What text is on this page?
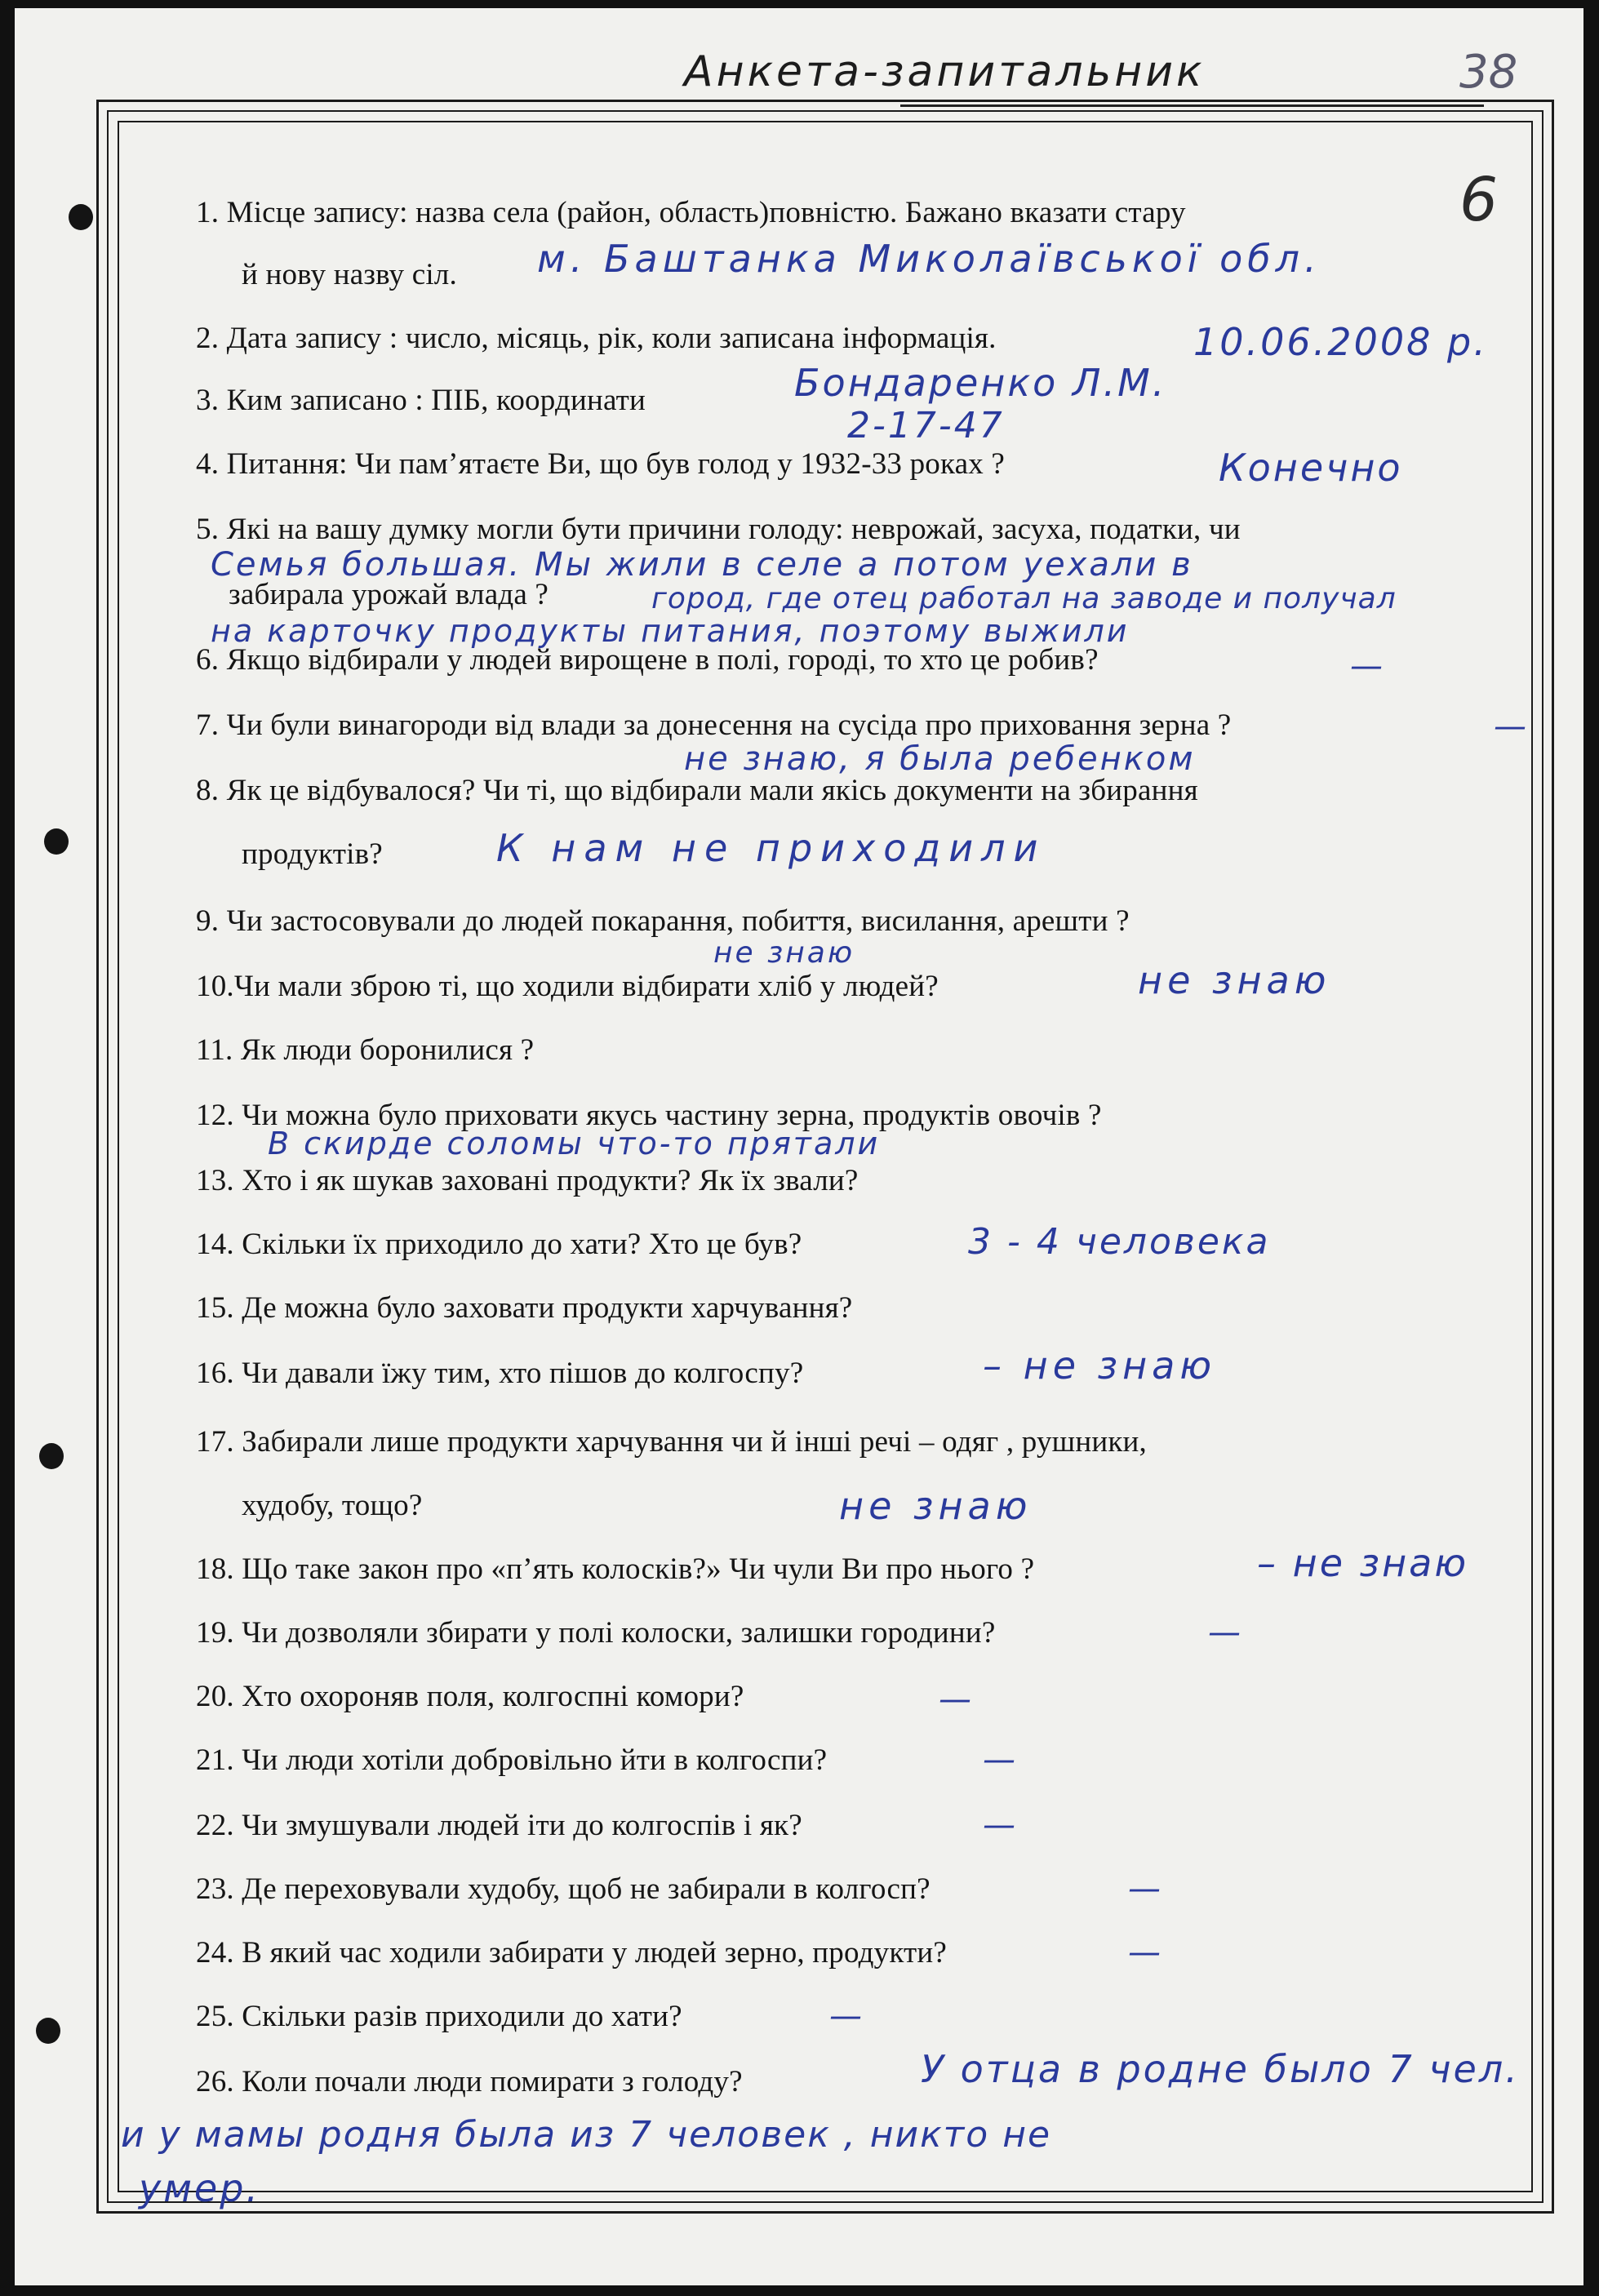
Анкета-запитальник	38
6
1. Місце запису: назва села (район, область)повністю. Бажано вказати стару
й нову назву сіл.
2. Дата запису : число, місяць, рік, коли записана інформація.
3. Ким записано : ПІБ, координати
4. Питання: Чи пам’ятаєте Ви, що був голод у 1932-33 роках ?
5. Які на вашу думку могли бути причини голоду: неврожай, засуха, податки, чи
забирала урожай влада ?
6. Якщо відбирали у людей вирощене в полі, городі, то хто це робив?
7. Чи були винагороди від влади за донесення на сусіда про приховання зерна ?
8. Як це відбувалося? Чи ті, що відбирали мали якісь документи на збирання
продуктів?
9. Чи застосовували до людей покарання, побиття, висилання, арешти ?
10.Чи мали зброю ті, що ходили відбирати хліб у людей?
11. Як люди боронилися ?
12. Чи можна було приховати якусь частину зерна, продуктів овочів ?
13. Хто і як шукав заховані продукти? Як їх звали?
14. Скільки їх приходило до хати? Хто це був?
15. Де можна було заховати продукти харчування?
16. Чи давали їжу тим, хто пішов до колгоспу?
17. Забирали лише продукти харчування чи й інші речі – одяг , рушники,
худобу, тощо?
18. Що таке закон про «п’ять колосків?» Чи чули Ви про нього ?
19. Чи дозволяли збирати у полі колоски, залишки городини?
20. Хто охороняв поля, колгоспні комори?
21. Чи люди хотіли добровільно йти в колгоспи?
22. Чи змушували людей іти до колгоспів і як?
23. Де переховували худобу, щоб не забирали в колгосп?
24. В який час ходили забирати у людей зерно, продукти?
25. Скільки разів приходили до хати?
26. Коли почали люди помирати з голоду?
м. Баштанка Миколаївської обл.
10.06.2008 р.
Бондаренко Л.М.
2-17-47
Конечно
Семья большая. Мы жили в селе а потом уехали в
город, где отец работал на заводе и получал
на карточку продукты питания, поэтому выжили
—
—
не знаю, я была ребенком
К нам не приходили
не знаю
не знаю
В скирде соломы что-то прятали
3 - 4 человека
– не знаю
не знаю
– не знаю
—
—
—
—
—
—
—
У отца в родне было 7 чел.
и у мамы родня была из 7 человек , никто не
умер.
